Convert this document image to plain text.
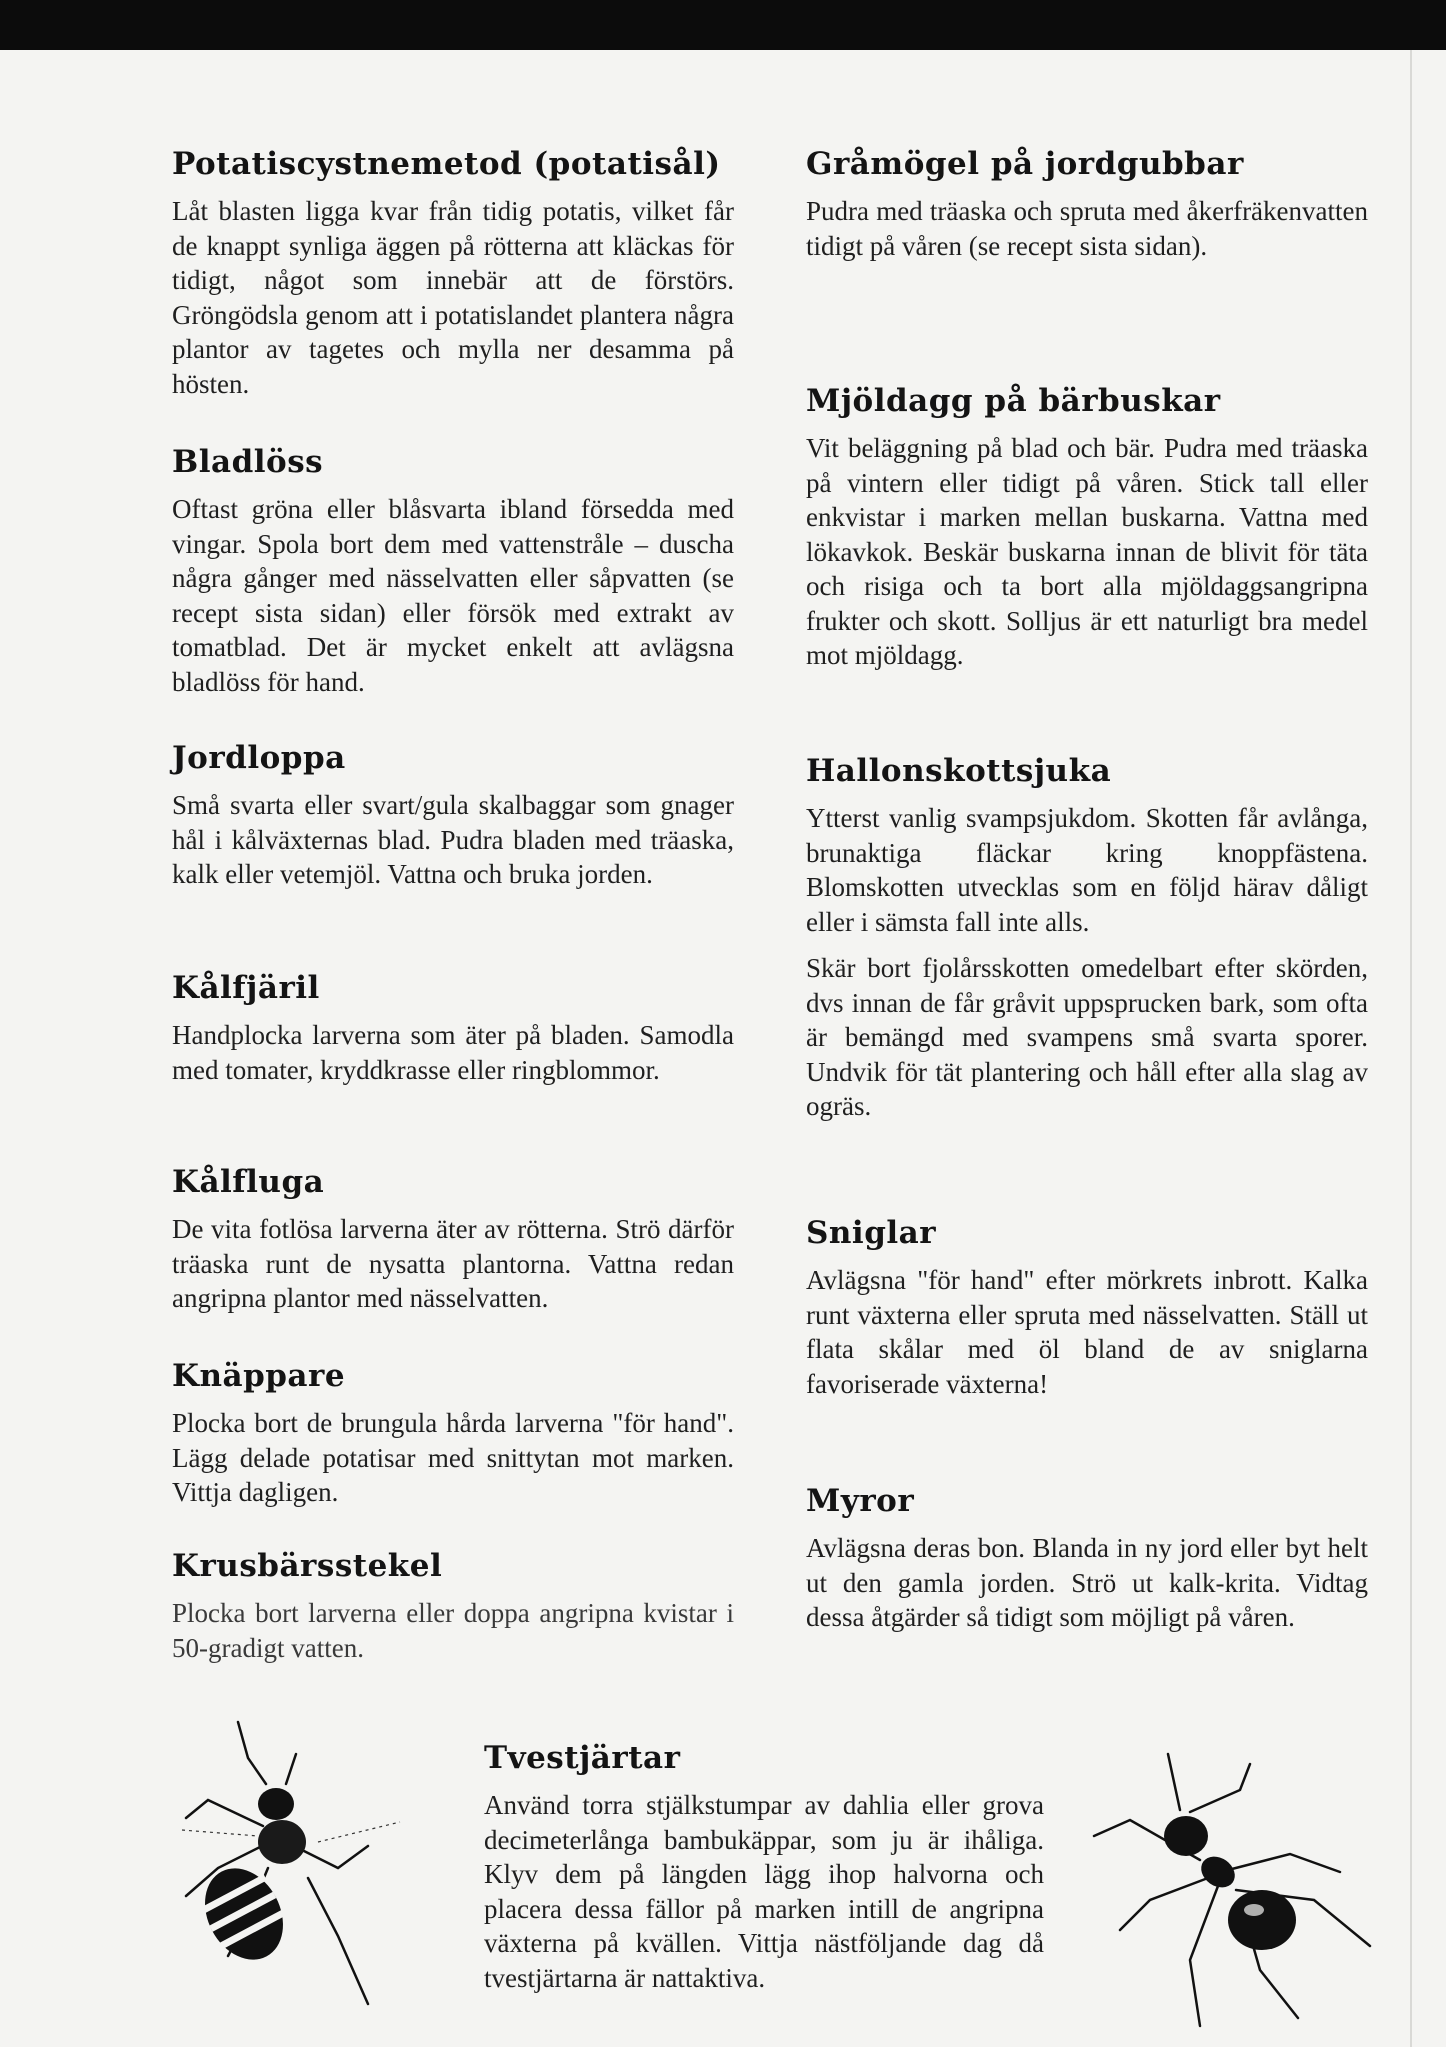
Potatiscystnemetod (potatisål)

Låt blasten ligga kvar från tidig potatis, vilket får de knappt synliga äggen på rötterna att kläckas för tidigt, något som innebär att de förstörs. Gröngödsla genom att i potatislandet plantera några plantor av tagetes och mylla ner desamma på hösten.

Bladlöss

Oftast gröna eller blåsvarta ibland försedda med vingar. Spola bort dem med vattenstråle – duscha några gånger med nässelvatten eller såpvatten (se recept sista sidan) eller försök med extrakt av tomatblad. Det är mycket enkelt att avlägsna bladlöss för hand.

Jordloppa

Små svarta eller svart/gula skalbaggar som gnager hål i kålväxternas blad. Pudra bladen med träaska, kalk eller vetemjöl. Vattna och bruka jorden.

Kålfjäril

Handplocka larverna som äter på bladen. Samodla med tomater, kryddkrasse eller ringblommor.

Kålfluga

De vita fotlösa larverna äter av rötterna. Strö därför träaska runt de nysatta plantorna. Vattna redan angripna plantor med nässelvatten.

Knäppare

Plocka bort de brungula hårda larverna "för hand". Lägg delade potatisar med snittytan mot marken. Vittja dagligen.

Krusbärsstekel

Plocka bort larverna eller doppa angripna kvistar i 50-gradigt vatten.

Gråmögel på jordgubbar

Pudra med träaska och spruta med åkerfräkenvatten tidigt på våren (se recept sista sidan).

Mjöldagg på bärbuskar

Vit beläggning på blad och bär. Pudra med träaska på vintern eller tidigt på våren. Stick tall eller enkvistar i marken mellan buskarna. Vattna med lökavkok. Beskär buskarna innan de blivit för täta och risiga och ta bort alla mjöldaggsangripna frukter och skott. Solljus är ett naturligt bra medel mot mjöldagg.

Hallonskottsjuka

Ytterst vanlig svampsjukdom. Skotten får avlånga, brunaktiga fläckar kring knoppfästena. Blomskotten utvecklas som en följd härav dåligt eller i sämsta fall inte alls.

Skär bort fjolårsskotten omedelbart efter skörden, dvs innan de får gråvit uppsprucken bark, som ofta är bemängd med svampens små svarta sporer. Undvik för tät plantering och håll efter alla slag av ogräs.

Sniglar

Avlägsna "för hand" efter mörkrets inbrott. Kalka runt växterna eller spruta med nässelvatten. Ställ ut flata skålar med öl bland de av sniglarna favoriserade växterna!

Myror

Avlägsna deras bon. Blanda in ny jord eller byt helt ut den gamla jorden. Strö ut kalk-krita. Vidtag dessa åtgärder så tidigt som möjligt på våren.

Tvestjärtar

Använd torra stjälkstumpar av dahlia eller grova decimeterlånga bambukäppar, som ju är ihåliga. Klyv dem på längden lägg ihop halvorna och placera dessa fällor på marken intill de angripna växterna på kvällen. Vittja nästföljande dag då tvestjärtarna är nattaktiva.
